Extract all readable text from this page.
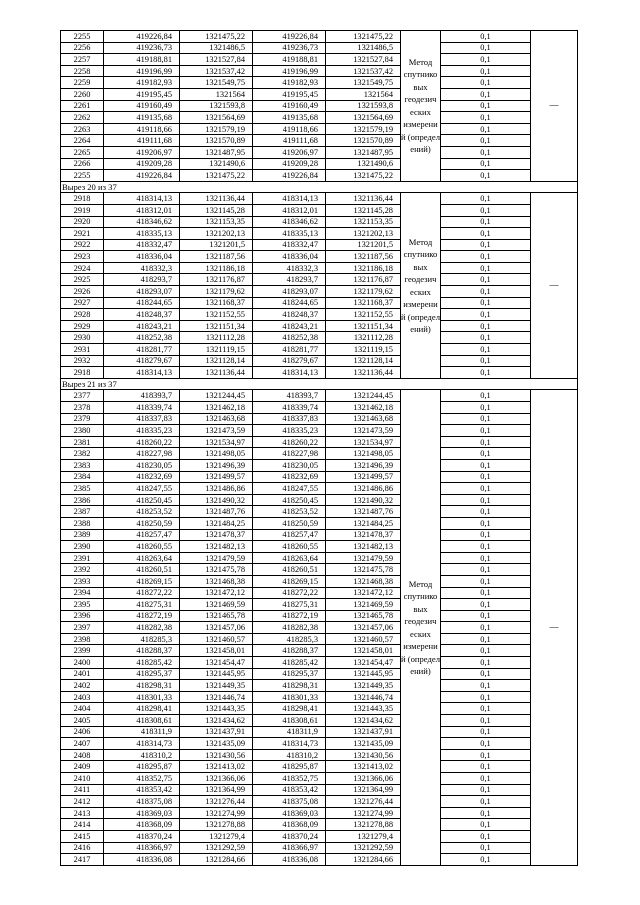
2255	419226,84	1321475,22	419226,84	1321475,22	Метод спутнико вых геодезич еских измерени й (определ ений)	0,1	—
2256	419236,73	1321486,5	419236,73	1321486,5		0,1	
2257	419188,81	1321527,84	419188,81	1321527,84		0,1	
2258	419196,99	1321537,42	419196,99	1321537,42		0,1	
2259	419182,93	1321549,75	419182,93	1321549,75		0,1	
2260	419195,45	1321564	419195,45	1321564		0,1	
2261	419160,49	1321593,8	419160,49	1321593,8		0,1	
2262	419135,68	1321564,69	419135,68	1321564,69		0,1	
2263	419118,66	1321579,19	419118,66	1321579,19		0,1	
2264	419111,68	1321570,89	419111,68	1321570,89		0,1	
2265	419206,97	1321487,95	419206,97	1321487,95		0,1	
2266	419209,28	1321490,6	419209,28	1321490,6		0,1	
2255	419226,84	1321475,22	419226,84	1321475,22		0,1	
Вырез 20 из 37							
2918	418314,13	1321136,44	418314,13	1321136,44	Метод спутнико вых геодезич еских измерени й (определ ений)	0,1	—
2919	418312,01	1321145,28	418312,01	1321145,28		0,1	
2920	418346,62	1321153,35	418346,62	1321153,35		0,1	
2921	418335,13	1321202,13	418335,13	1321202,13		0,1	
2922	418332,47	1321201,5	418332,47	1321201,5		0,1	
2923	418336,04	1321187,56	418336,04	1321187,56		0,1	
2924	418332,3	1321186,18	418332,3	1321186,18		0,1	
2925	418293,7	1321176,87	418293,7	1321176,87		0,1	
2926	418293,07	1321179,62	418293,07	1321179,62		0,1	
2927	418244,65	1321168,37	418244,65	1321168,37		0,1	
2928	418248,37	1321152,55	418248,37	1321152,55		0,1	
2929	418243,21	1321151,34	418243,21	1321151,34		0,1	
2930	418252,38	1321112,28	418252,38	1321112,28		0,1	
2931	418281,77	1321119,15	418281,77	1321119,15		0,1	
2932	418279,67	1321128,14	418279,67	1321128,14		0,1	
2918	418314,13	1321136,44	418314,13	1321136,44		0,1	
Вырез 21 из 37							
2377	418393,7	1321244,45	418393,7	1321244,45	Метод спутнико вых геодезич еских измерени й (определ ений)	0,1	—
2378	418339,74	1321462,18	418339,74	1321462,18		0,1	
2379	418337,83	1321463,68	418337,83	1321463,68		0,1	
2380	418335,23	1321473,59	418335,23	1321473,59		0,1	
2381	418260,22	1321534,97	418260,22	1321534,97		0,1	
2382	418227,98	1321498,05	418227,98	1321498,05		0,1	
2383	418230,05	1321496,39	418230,05	1321496,39		0,1	
2384	418232,69	1321499,57	418232,69	1321499,57		0,1	
2385	418247,55	1321486,86	418247,55	1321486,86		0,1	
2386	418250,45	1321490,32	418250,45	1321490,32		0,1	
2387	418253,52	1321487,76	418253,52	1321487,76		0,1	
2388	418250,59	1321484,25	418250,59	1321484,25		0,1	
2389	418257,47	1321478,37	418257,47	1321478,37		0,1	
2390	418260,55	1321482,13	418260,55	1321482,13		0,1	
2391	418263,64	1321479,59	418263,64	1321479,59		0,1	
2392	418260,51	1321475,78	418260,51	1321475,78		0,1	
2393	418269,15	1321468,38	418269,15	1321468,38		0,1	
2394	418272,22	1321472,12	418272,22	1321472,12		0,1	
2395	418275,31	1321469,59	418275,31	1321469,59		0,1	
2396	418272,19	1321465,78	418272,19	1321465,78		0,1	
2397	418282,38	1321457,06	418282,38	1321457,06		0,1	
2398	418285,3	1321460,57	418285,3	1321460,57		0,1	
2399	418288,37	1321458,01	418288,37	1321458,01		0,1	
2400	418285,42	1321454,47	418285,42	1321454,47		0,1	
2401	418295,37	1321445,95	418295,37	1321445,95		0,1	
2402	418298,31	1321449,35	418298,31	1321449,35		0,1	
2403	418301,33	1321446,74	418301,33	1321446,74		0,1	
2404	418298,41	1321443,35	418298,41	1321443,35		0,1	
2405	418308,61	1321434,62	418308,61	1321434,62		0,1	
2406	418311,9	1321437,91	418311,9	1321437,91		0,1	
2407	418314,73	1321435,09	418314,73	1321435,09		0,1	
2408	418310,2	1321430,56	418310,2	1321430,56		0,1	
2409	418295,87	1321413,02	418295,87	1321413,02		0,1	
2410	418352,75	1321366,06	418352,75	1321366,06		0,1	
2411	418353,42	1321364,99	418353,42	1321364,99		0,1	
2412	418375,08	1321276,44	418375,08	1321276,44		0,1	
2413	418369,03	1321274,99	418369,03	1321274,99		0,1	
2414	418368,09	1321278,88	418368,09	1321278,88		0,1	
2415	418370,24	1321279,4	418370,24	1321279,4		0,1	
2416	418366,97	1321292,59	418366,97	1321292,59		0,1	
2417	418336,08	1321284,66	418336,08	1321284,66		0,1	
